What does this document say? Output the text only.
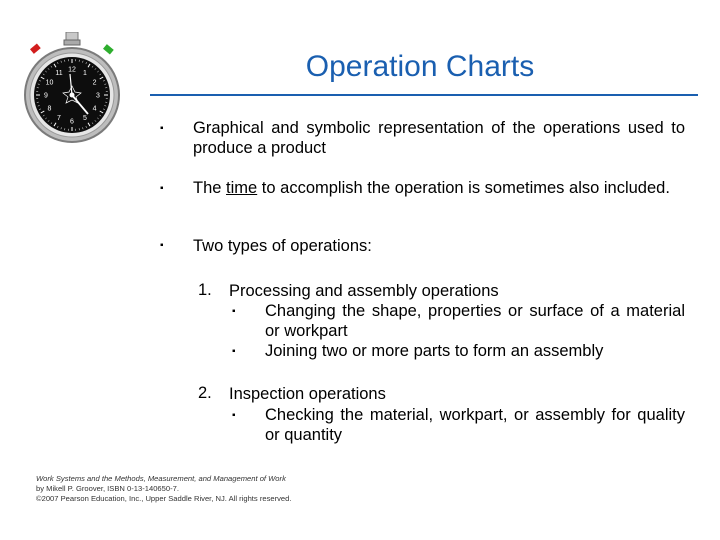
10
11 12 1
2
3
4
5
6
7
8
9
Operation Charts
▪ Graphical and symbolic representation of the operations used to produce a product
▪ The time to accomplish the operation is sometimes also included.
▪ Two types of operations:
1. Processing and assembly operations
▪ Changing the shape, properties or surface of a material or workpart
▪ Joining two or more parts to form an assembly
2. Inspection operations
▪ Checking the material, workpart, or assembly for quality or quantity
Work Systems and the Methods, Measurement, and Management of Work
by Mikell P. Groover, ISBN 0-13-140650-7.
©2007 Pearson Education, Inc., Upper Saddle River, NJ. All rights reserved.
